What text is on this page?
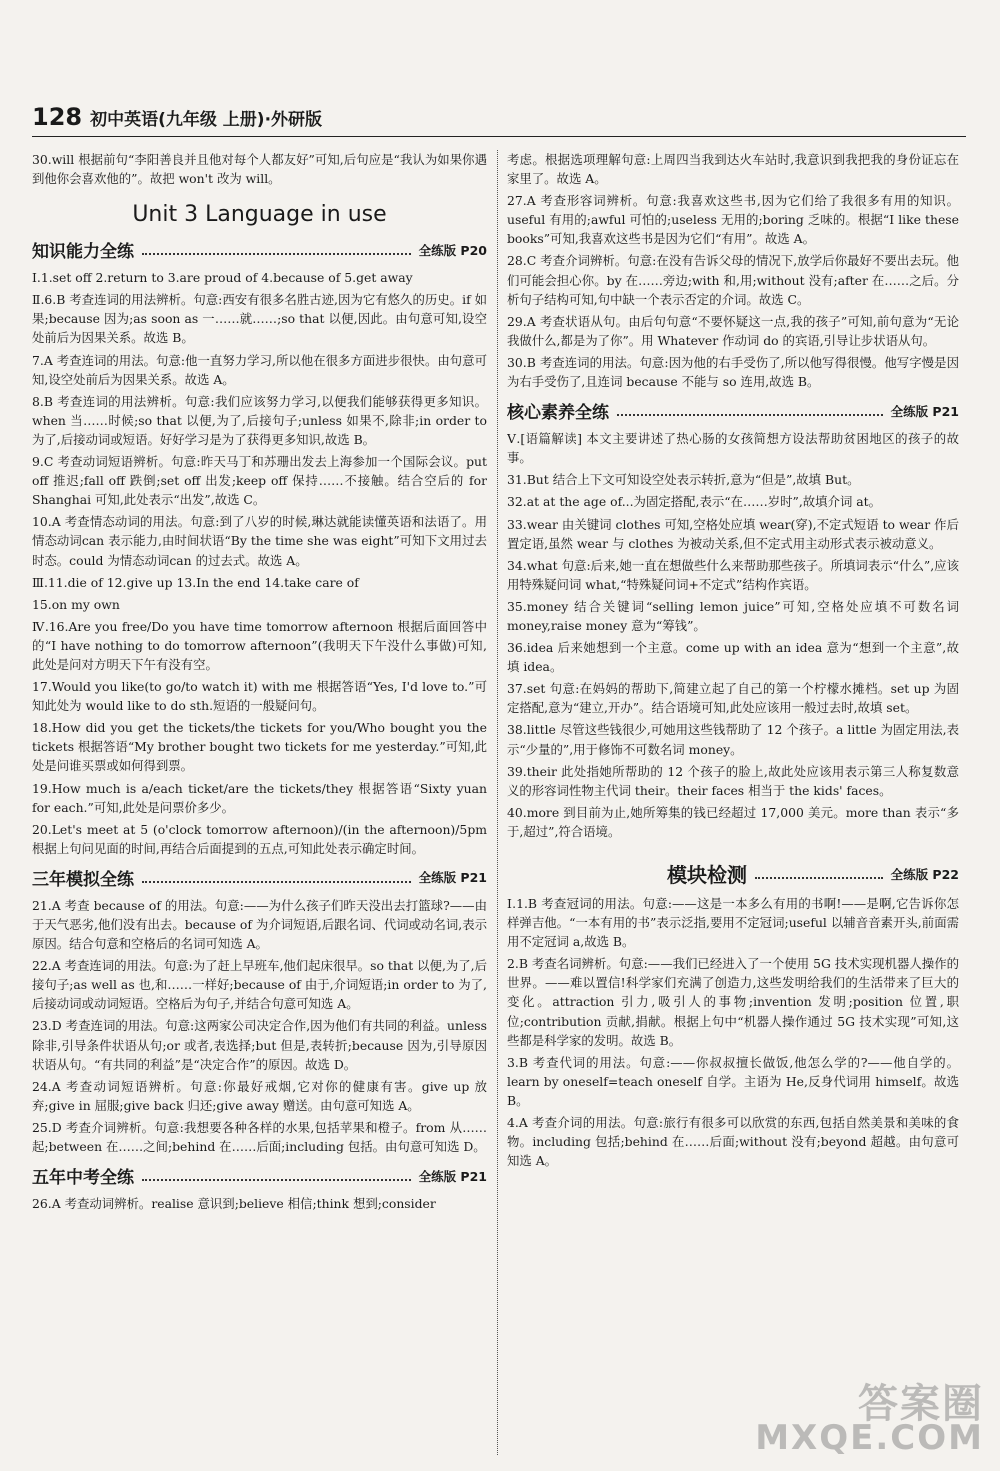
128 初中英语(九年级 上册)·外研版

30.will 根据前句“李阳善良并且他对每个人都友好”可知,后句应是“我认为如果你遇到他你会喜欢他的”。故把 won't 改为 will。

Unit 3 Language in use
知识能力全练	全练版 P20

Ⅰ.1.set off 2.return to 3.are proud of 4.because of 5.get away

Ⅱ.6.B 考查连词的用法辨析。句意:西安有很多名胜古迹,因为它有悠久的历史。if 如果;because 因为;as soon as 一……就……;so that 以便,因此。由句意可知,设空处前后为因果关系。故选 B。

7.A 考查连词的用法。句意:他一直努力学习,所以他在很多方面进步很快。由句意可知,设空处前后为因果关系。故选 A。

8.B 考查连词的用法辨析。句意:我们应该努力学习,以便我们能够获得更多知识。when 当……时候;so that 以便,为了,后接句子;unless 如果不,除非;in order to 为了,后接动词或短语。好好学习是为了获得更多知识,故选 B。

9.C 考查动词短语辨析。句意:昨天马丁和苏珊出发去上海参加一个国际会议。put off 推迟;fall off 跌倒;set off 出发;keep off 保持……不接触。结合空后的 for Shanghai 可知,此处表示“出发”,故选 C。

10.A 考查情态动词的用法。句意:到了八岁的时候,琳达就能读懂英语和法语了。用情态动词can 表示能力,由时间状语“By the time she was eight”可知下文用过去时态。could 为情态动词can 的过去式。故选 A。

Ⅲ.11.die of 12.give up 13.In the end 14.take care of

15.on my own

Ⅳ.16.Are you free/Do you have time tomorrow afternoon 根据后面回答中的“I have nothing to do tomorrow afternoon”(我明天下午没什么事做)可知,此处是问对方明天下午有没有空。

17.Would you like(to go/to watch it) with me 根据答语“Yes, I'd love to.”可知此处为 would like to do sth.短语的一般疑问句。

18.How did you get the tickets/the tickets for you/Who bought you the tickets 根据答语“My brother bought two tickets for me yesterday.”可知,此处是问谁买票或如何得到票。

19.How much is a/each ticket/are the tickets/they 根据答语“Sixty yuan for each.”可知,此处是问票价多少。

20.Let's meet at 5 (o'clock tomorrow afternoon)/(in the afternoon)/5pm 根据上句问见面的时间,再结合后面提到的五点,可知此处表示确定时间。

三年模拟全练	全练版 P21

21.A 考查 because of 的用法。句意:——为什么孩子们昨天没出去打篮球?——由于天气恶劣,他们没有出去。because of 为介词短语,后跟名词、代词或动名词,表示原因。结合句意和空格后的名词可知选 A。

22.A 考查连词的用法。句意:为了赶上早班车,他们起床很早。so that 以便,为了,后接句子;as well as 也,和……一样好;because of 由于,介词短语;in order to 为了,后接动词或动词短语。空格后为句子,并结合句意可知选 A。

23.D 考查连词的用法。句意:这两家公司决定合作,因为他们有共同的利益。unless 除非,引导条件状语从句;or 或者,表选择;but 但是,表转折;because 因为,引导原因状语从句。“有共同的利益”是“决定合作”的原因。故选 D。

24.A 考查动词短语辨析。句意:你最好戒烟,它对你的健康有害。give up 放弃;give in 屈服;give back 归还;give away 赠送。由句意可知选 A。

25.D 考查介词辨析。句意:我想要各种各样的水果,包括苹果和橙子。from 从……起;between 在……之间;behind 在……后面;including 包括。由句意可知选 D。

五年中考全练	全练版 P21

26.A 考查动词辨析。realise 意识到;believe 相信;think 想到;consider

考虑。根据选项理解句意:上周四当我到达火车站时,我意识到我把我的身份证忘在家里了。故选 A。

27.A 考查形容词辨析。句意:我喜欢这些书,因为它们给了我很多有用的知识。useful 有用的;awful 可怕的;useless 无用的;boring 乏味的。根据“I like these books”可知,我喜欢这些书是因为它们“有用”。故选 A。

28.C 考查介词辨析。句意:在没有告诉父母的情况下,放学后你最好不要出去玩。他们可能会担心你。by 在……旁边;with 和,用;without 没有;after 在……之后。分析句子结构可知,句中缺一个表示否定的介词。故选 C。

29.A 考查状语从句。由后句句意“不要怀疑这一点,我的孩子”可知,前句意为“无论我做什么,都是为了你”。用 Whatever 作动词 do 的宾语,引导让步状语从句。

30.B 考查连词的用法。句意:因为他的右手受伤了,所以他写得很慢。他写字慢是因为右手受伤了,且连词 because 不能与 so 连用,故选 B。

核心素养全练	全练版 P21

Ⅴ.[语篇解读] 本文主要讲述了热心肠的女孩简想方设法帮助贫困地区的孩子的故事。

31.But 结合上下文可知设空处表示转折,意为“但是”,故填 But。

32.at at the age of...为固定搭配,表示“在……岁时”,故填介词 at。

33.wear 由关键词 clothes 可知,空格处应填 wear(穿),不定式短语 to wear 作后置定语,虽然 wear 与 clothes 为被动关系,但不定式用主动形式表示被动意义。

34.what 句意:后来,她一直在想做些什么来帮助那些孩子。所填词表示“什么”,应该用特殊疑问词 what,“特殊疑问词+不定式”结构作宾语。

35.money 结合关键词“selling lemon juice”可知,空格处应填不可数名词 money,raise money 意为“筹钱”。

36.idea 后来她想到一个主意。come up with an idea 意为“想到一个主意”,故填 idea。

37.set 句意:在妈妈的帮助下,简建立起了自己的第一个柠檬水摊档。set up 为固定搭配,意为“建立,开办”。结合语境可知,此处应该用一般过去时,故填 set。

38.little 尽管这些钱很少,可她用这些钱帮助了 12 个孩子。a little 为固定用法,表示“少量的”,用于修饰不可数名词 money。

39.their 此处指她所帮助的 12 个孩子的脸上,故此处应该用表示第三人称复数意义的形容词性物主代词 their。their faces 相当于 the kids' faces。

40.more 到目前为止,她所筹集的钱已经超过 17,000 美元。more than 表示“多于,超过”,符合语境。

模块检测	全练版 P22

Ⅰ.1.B 考查冠词的用法。句意:——这是一本多么有用的书啊!——是啊,它告诉你怎样弹吉他。“一本有用的书”表示泛指,要用不定冠词;useful 以辅音音素开头,前面需用不定冠词 a,故选 B。

2.B 考查名词辨析。句意:——我们已经进入了一个使用 5G 技术实现机器人操作的世界。——难以置信!科学家们充满了创造力,这些发明给我们的生活带来了巨大的变化。attraction 引力,吸引人的事物;invention 发明;position 位置,职位;contribution 贡献,捐献。根据上句中“机器人操作通过 5G 技术实现”可知,这些都是科学家的发明。故选 B。

3.B 考查代词的用法。句意:——你叔叔擅长做饭,他怎么学的?——他自学的。learn by oneself=teach oneself 自学。主语为 He,反身代词用 himself。故选 B。

4.A 考查介词的用法。句意:旅行有很多可以欣赏的东西,包括自然美景和美味的食物。including 包括;behind 在……后面;without 没有;beyond 超越。由句意可知选 A。

答案圈
MXQE.COM
